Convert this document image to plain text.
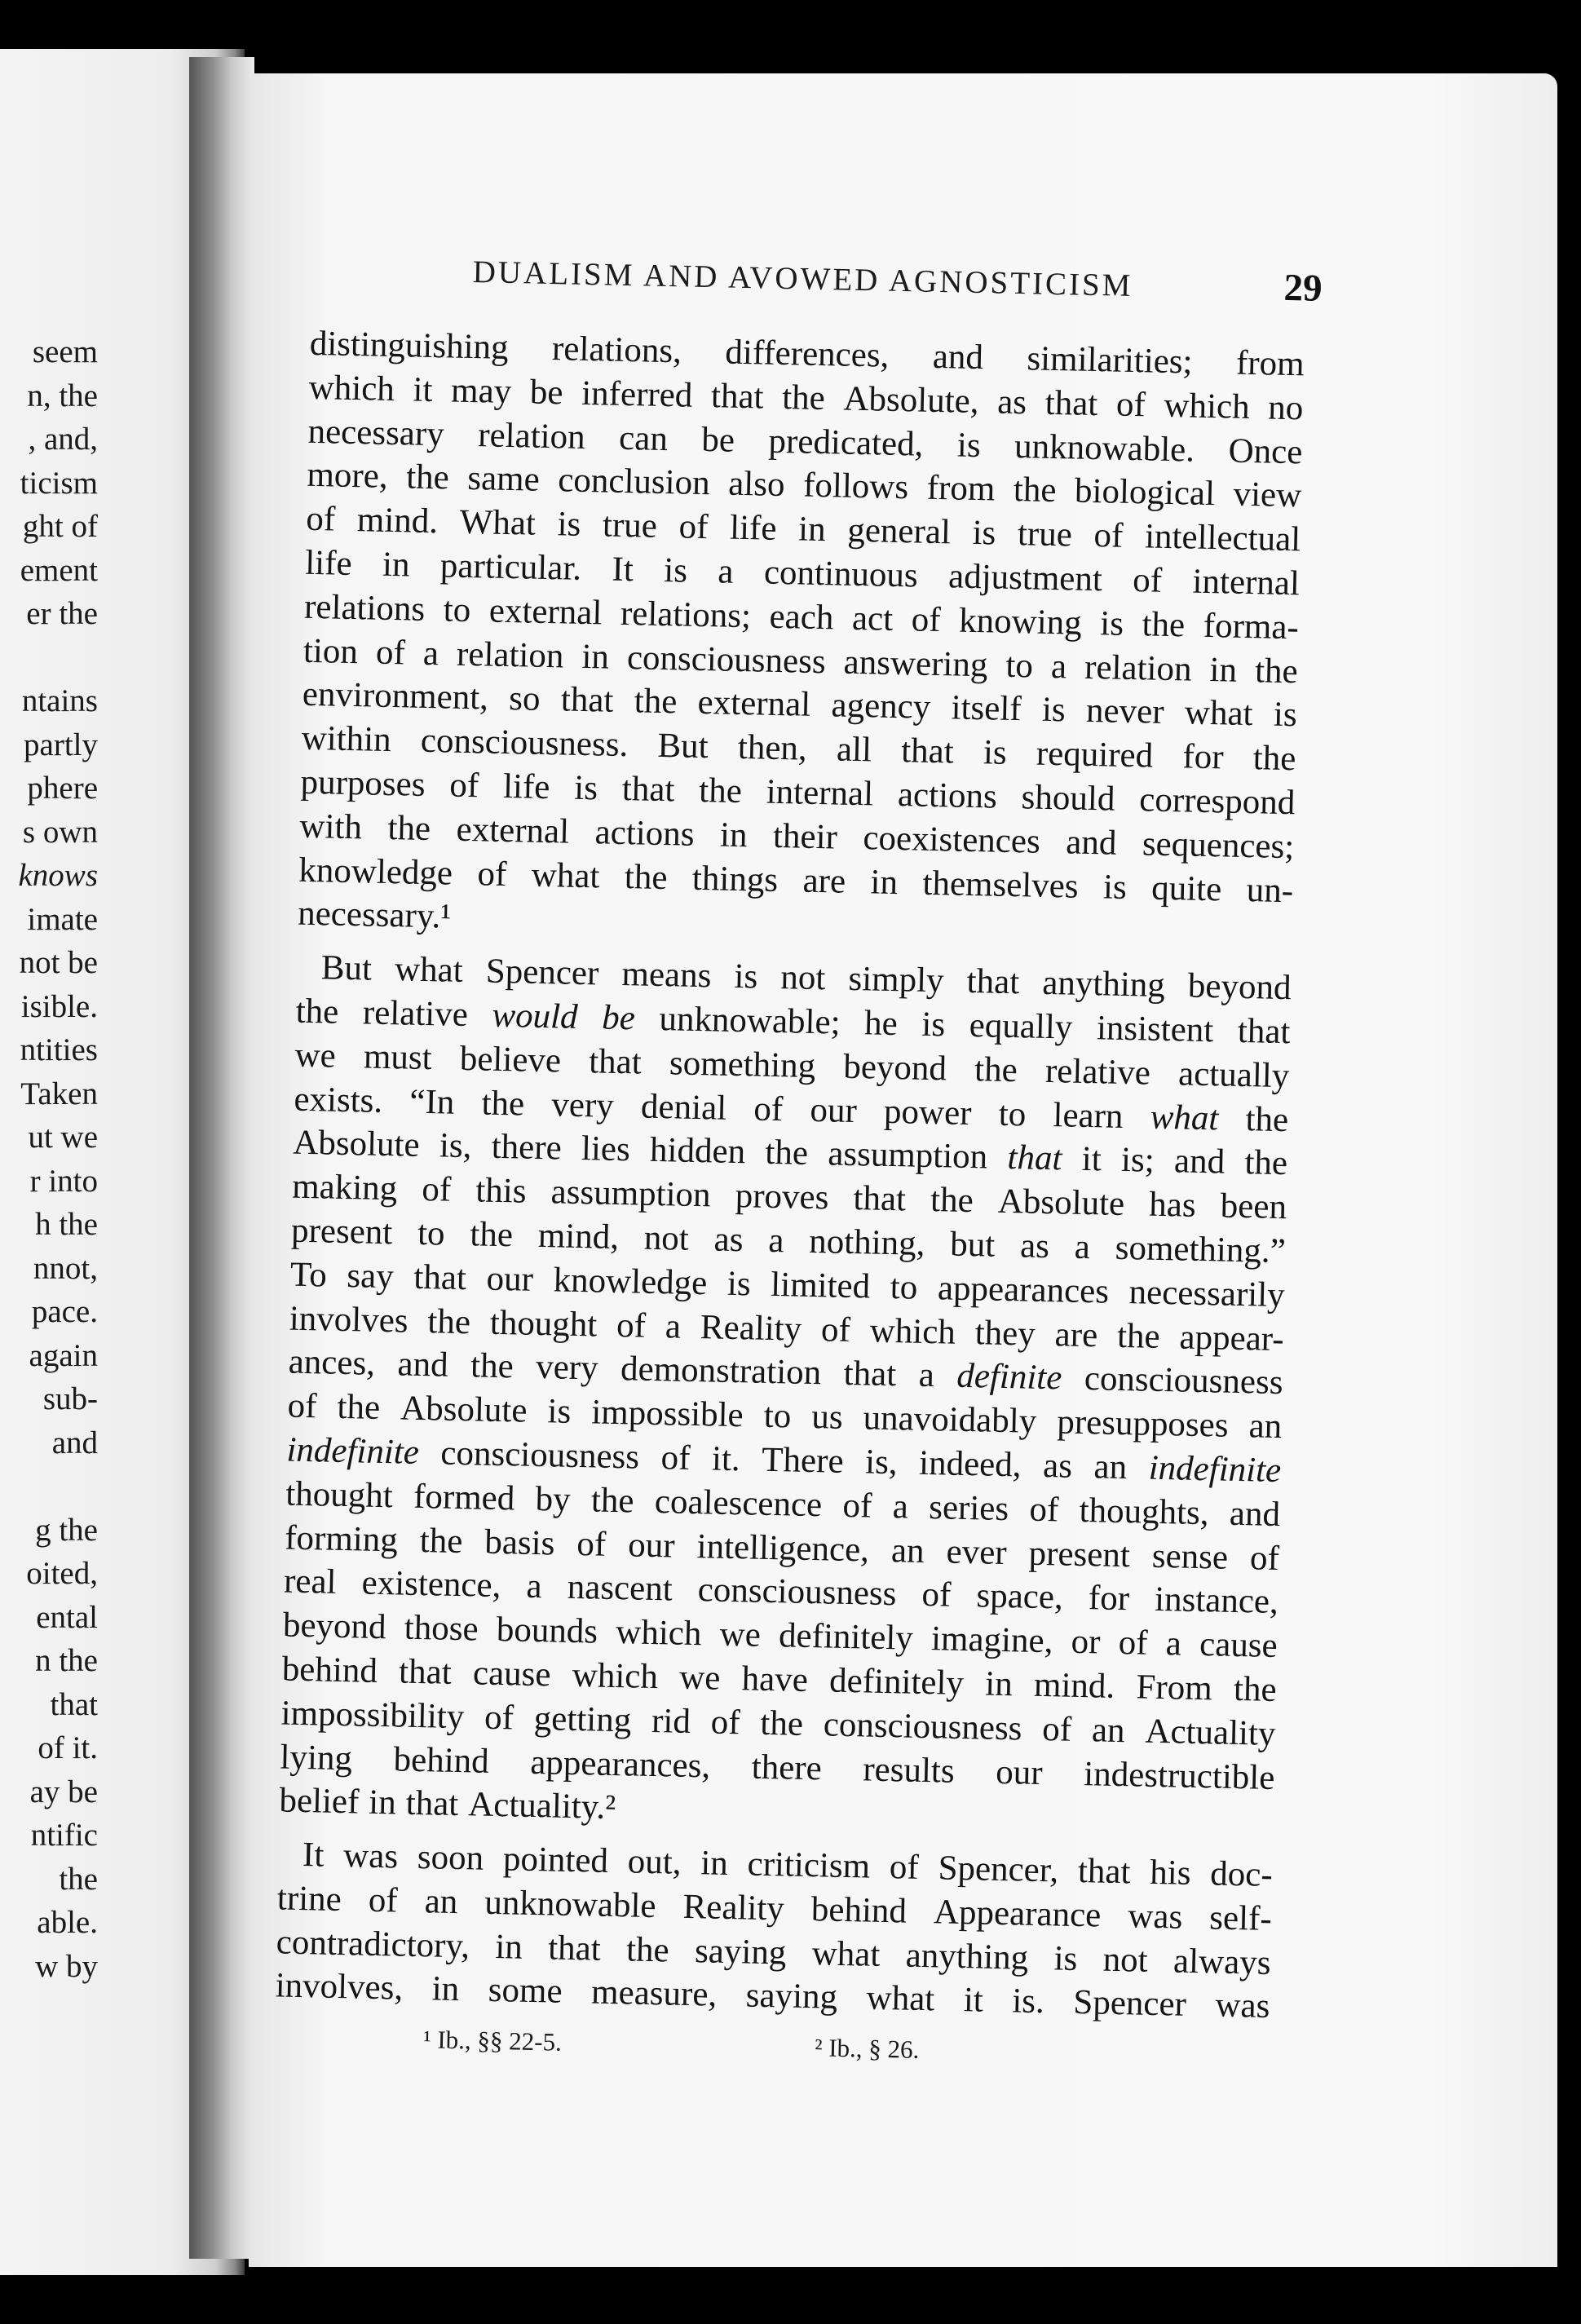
seem
n, the
, and,
ticism
ght of
ement
er the
ntains
partly
phere
s own
knows
imate
not be
isible.
ntities
Taken
ut we
r into
h the
nnot,
pace.
again
sub-
and
g the
oited,
ental
n the
that
of it.
ay be
ntific
the
able.
w by
DUALISM AND AVOWED AGNOSTICISM	29
distinguishing relations, differences, and similarities; from
which it may be inferred that the Absolute, as that of which no
necessary relation can be predicated, is unknowable. Once
more, the same conclusion also follows from the biological view
of mind. What is true of life in general is true of intellectual
life in particular. It is a continuous adjustment of internal
relations to external relations; each act of knowing is the forma-
tion of a relation in consciousness answering to a relation in the
environment, so that the external agency itself is never what is
within consciousness. But then, all that is required for the
purposes of life is that the internal actions should correspond
with the external actions in their coexistences and sequences;
knowledge of what the things are in themselves is quite un-
necessary.¹
But what Spencer means is not simply that anything beyond
the relative would be unknowable; he is equally insistent that
we must believe that something beyond the relative actually
exists. “In the very denial of our power to learn what the
Absolute is, there lies hidden the assumption that it is; and the
making of this assumption proves that the Absolute has been
present to the mind, not as a nothing, but as a something.”
To say that our knowledge is limited to appearances necessarily
involves the thought of a Reality of which they are the appear-
ances, and the very demonstration that a definite consciousness
of the Absolute is impossible to us unavoidably presupposes an
indefinite consciousness of it. There is, indeed, as an indefinite
thought formed by the coalescence of a series of thoughts, and
forming the basis of our intelligence, an ever present sense of
real existence, a nascent consciousness of space, for instance,
beyond those bounds which we definitely imagine, or of a cause
behind that cause which we have definitely in mind. From the
impossibility of getting rid of the consciousness of an Actuality
lying behind appearances, there results our indestructible
belief in that Actuality.²
It was soon pointed out, in criticism of Spencer, that his doc-
trine of an unknowable Reality behind Appearance was self-
contradictory, in that the saying what anything is not always
involves, in some measure, saying what it is. Spencer was
¹ Ib., §§ 22-5.	² Ib., § 26.
